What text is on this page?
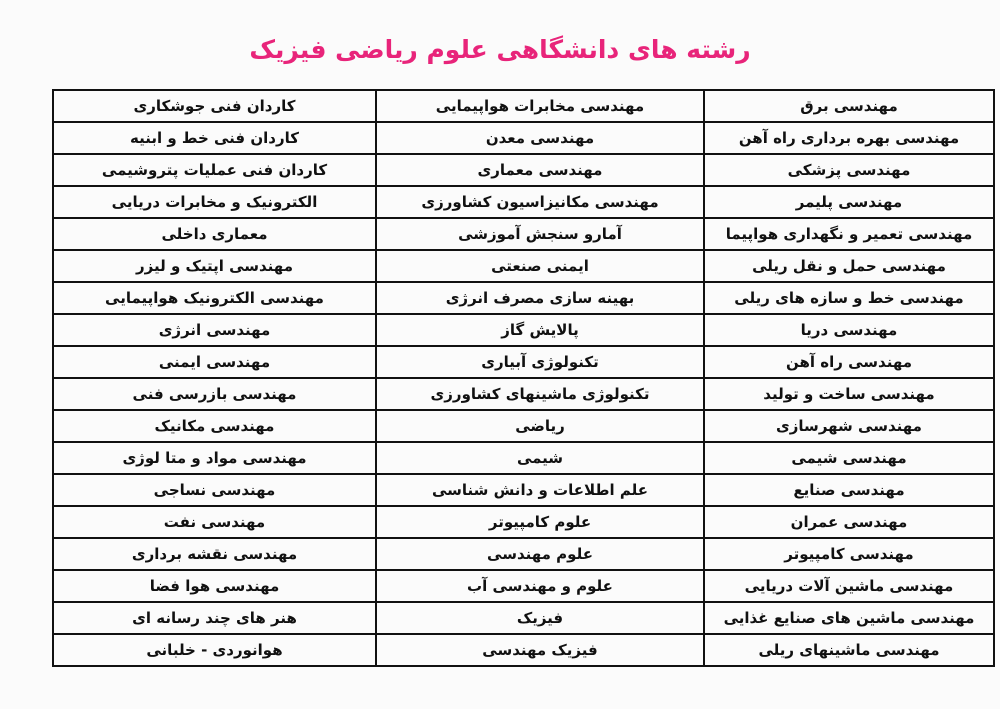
رشته های دانشگاهی علوم ریاضی فیزیک
مهندسی برق	مهندسی مخابرات هواپیمایی	کاردان فنی جوشکاری
مهندسی بهره برداری راه آهن	مهندسی معدن	کاردان فنی خط و ابنیه
مهندسی پزشکی	مهندسی معماری	کاردان فنی عملیات پتروشیمی
مهندسی پلیمر	مهندسی مکانیزاسیون کشاورزی	الکترونیک و مخابرات دریایی
مهندسی تعمیر و نگهداری هواپیما	آمارو سنجش آموزشی	معماری داخلی
مهندسی حمل و نقل ریلی	ایمنی صنعتی	مهندسی اپتیک و لیزر
مهندسی خط و سازه های ریلی	بهینه سازی مصرف انرژی	مهندسی الکترونیک هواپیمایی
مهندسی دریا	پالایش گاز	مهندسی انرژی
مهندسی راه آهن	تکنولوژی آبیاری	مهندسی ایمنی
مهندسی ساخت و تولید	تکنولوژی ماشینهای کشاورزی	مهندسی بازرسی فنی
مهندسی شهرسازی	ریاضی	مهندسی مکانیک
مهندسی شیمی	شیمی	مهندسی مواد و متا لوژی
مهندسی صنایع	علم اطلاعات و دانش شناسی	مهندسی نساجی
مهندسی عمران	علوم کامپیوتر	مهندسی نفت
مهندسی کامپیوتر	علوم مهندسی	مهندسی نقشه برداری
مهندسی ماشین آلات دریایی	علوم و مهندسی آب	مهندسی هوا فضا
مهندسی ماشین های صنایع غذایی	فیزیک	هنر های چند رسانه ای
مهندسی ماشینهای ریلی	فیزیک مهندسی	هوانوردی - خلبانی
